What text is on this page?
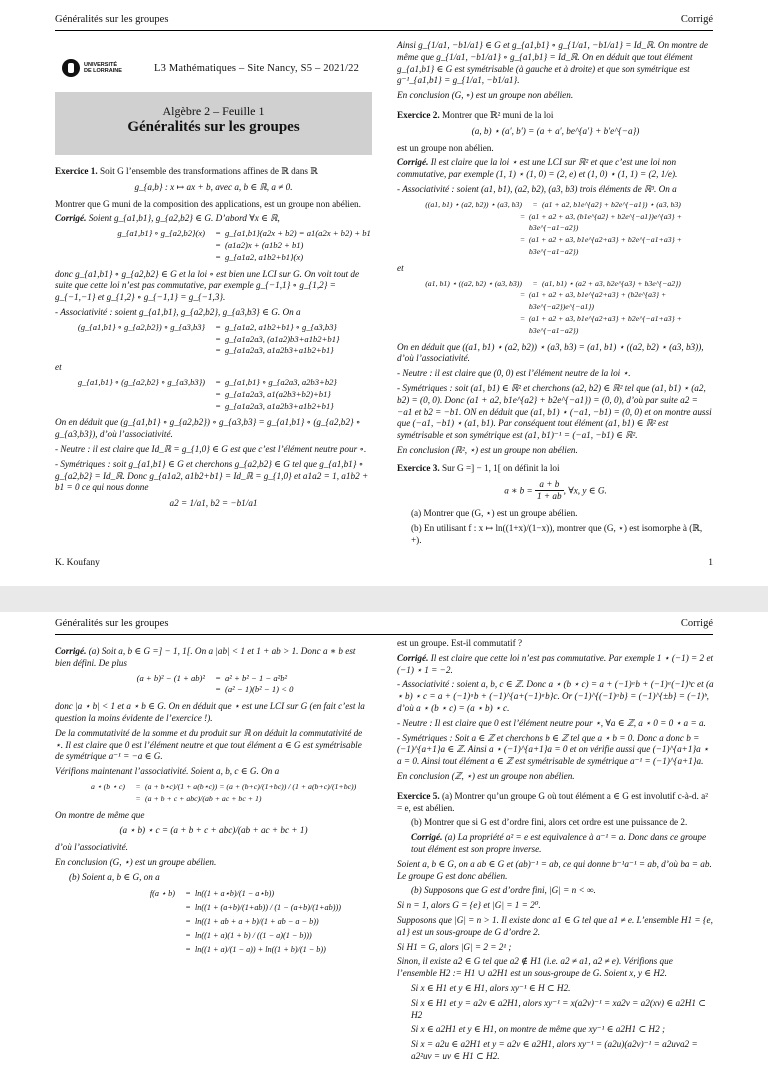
Généralités sur les groupes	Corrigé
UNIVERSITÉ DE LORRAINE	L3 Mathématiques – Site Nancy, S5 – 2021/22
Algèbre 2 – Feuille 1
Généralités sur les groupes

Exercice 1. Soit G l’ensemble des transformations affines de ℝ dans ℝ

g_{a,b} : x ↦ ax + b, avec a, b ∈ ℝ, a ≠ 0.

Montrer que G muni de la composition des applications, est un groupe non abélien.

Corrigé. Soient g_{a1,b1}, g_{a2,b2} ∈ G. D’abord ∀x ∈ ℝ,

g_{a1,b1} ∘ g_{a2,b2}(x)	= g_{a1,b1}(a2x + b2) = a1(a2x + b2) + b1
= (a1a2)x + (a1b2 + b1)
= g_{a1a2, a1b2+b1}(x)

donc g_{a1,b1} ∘ g_{a2,b2} ∈ G et la loi ∘ est bien une LCI sur G. On voit tout de suite que cette loi n’est pas commutative, par exemple g_{−1,1} ∘ g_{1,2} = g_{−1,−1} et g_{1,2} ∘ g_{−1,1} = g_{−1,3}.

- Associativité : soient g_{a1,b1}, g_{a2,b2}, g_{a3,b3} ∈ G. On a

(g_{a1,b1} ∘ g_{a2,b2}) ∘ g_{a3,b3}	= g_{a1a2, a1b2+b1} ∘ g_{a3,b3}
= g_{a1a2a3, (a1a2)b3+a1b2+b1}
= g_{a1a2a3, a1a2b3+a1b2+b1}

et

g_{a1,b1} ∘ (g_{a2,b2} ∘ g_{a3,b3})	= g_{a1,b1} ∘ g_{a2a3, a2b3+b2}
= g_{a1a2a3, a1(a2b3+b2)+b1}
= g_{a1a2a3, a1a2b3+a1b2+b1}

On en déduit que (g_{a1,b1} ∘ g_{a2,b2}) ∘ g_{a3,b3} = g_{a1,b1} ∘ (g_{a2,b2} ∘ g_{a3,b3}), d’où l’associativité.

- Neutre : il est claire que Id_ℝ = g_{1,0} ∈ G est que c’est l’élément neutre pour ∘.

- Symétriques : soit g_{a1,b1} ∈ G et cherchons g_{a2,b2} ∈ G tel que g_{a1,b1} ∘ g_{a2,b2} = Id_ℝ. Donc g_{a1a2, a1b2+b1} = Id_ℝ = g_{1,0} et a1a2 = 1, a1b2 + b1 = 0 ce qui nous donne

a2 = 1/a1, b2 = −b1/a1

Ainsi g_{1/a1, −b1/a1} ∈ G et g_{a1,b1} ∘ g_{1/a1, −b1/a1} = Id_ℝ. On montre de même que g_{1/a1, −b1/a1} ∘ g_{a1,b1} = Id_ℝ. On en déduit que tout élément g_{a1,b1} ∈ G est symétrisable (à gauche et à droite) et que son symétrique est g⁻¹_{a1,b1} = g_{1/a1, −b1/a1}.

En conclusion (G, ∘) est un groupe non abélien.

Exercice 2. Montrer que ℝ² muni de la loi

(a, b) ⋆ (a′, b′) = (a + a′, be^{a′} + b′e^{−a})

est un groupe non abélien.

Corrigé. Il est claire que la loi ⋆ est une LCI sur ℝ² et que c’est une loi non commutative, par exemple (1, 1) ⋆ (1, 0) = (2, e) et (1, 0) ⋆ (1, 1) = (2, 1/e).

- Associativité : soient (a1, b1), (a2, b2), (a3, b3) trois éléments de ℝ³. On a

((a1, b1) ⋆ (a2, b2)) ⋆ (a3, b3)	= (a1 + a2, b1e^{a2} + b2e^{−a1}) ⋆ (a3, b3)
= (a1 + a2 + a3, (b1e^{a2} + b2e^{−a1})e^{a3} + b3e^{−a1−a2})
= (a1 + a2 + a3, b1e^{a2+a3} + b2e^{−a1+a3} + b3e^{−a1−a2})

et

(a1, b1) ⋆ ((a2, b2) ⋆ (a3, b3))	= (a1, b1) ⋆ (a2 + a3, b2e^{a3} + b3e^{−a2})
= (a1 + a2 + a3, b1e^{a2+a3} + (b2e^{a3} + b3e^{−a2})e^{−a1})
= (a1 + a2 + a3, b1e^{a2+a3} + b2e^{−a1+a3} + b3e^{−a1−a2})

On en déduit que ((a1, b1) ⋆ (a2, b2)) ⋆ (a3, b3) = (a1, b1) ⋆ ((a2, b2) ⋆ (a3, b3)), d’où l’associativité.

- Neutre : il est claire que (0, 0) est l’élément neutre de la loi ⋆.

- Symétriques : soit (a1, b1) ∈ ℝ² et cherchons (a2, b2) ∈ ℝ² tel que (a1, b1) ⋆ (a2, b2) = (0, 0). Donc (a1 + a2, b1e^{a2} + b2e^{−a1}) = (0, 0), d’où par suite a2 = −a1 et b2 = −b1. ON en déduit que (a1, b1) ⋆ (−a1, −b1) = (0, 0) et on montre aussi que (−a1, −b1) ⋆ (a1, b1). Par conséquent tout élément (a1, b1) ∈ ℝ² est symétrisable et son symétrique est (a1, b1)⁻¹ = (−a1, −b1) ∈ ℝ².

En conclusion (ℝ², ⋆) est un groupe non abélien.

Exercice 3. Sur G =] − 1, 1[ on définit la loi

a ∗ $b = \frac{a + b}{1 + ab}$ , ∀x, y ∈ G.

(a) Montrer que (G, ⋆) est un groupe abélien.

(b) En utilisant f : x ↦ ln((1+x)/(1−x)), montrer que (G, ⋆) est isomorphe à (ℝ, +).

K. Koufany	1
Généralités sur les groupes	Corrigé

Corrigé. (a) Soit a, b ∈ G =] − 1, 1[. On a |ab| < 1 et 1 + ab > 1. Donc a ∗ b est bien défini. De plus

(a + b)² − (1 + ab)²	= a² + b² − 1 − a²b²
= (a² − 1)(b² − 1) < 0

donc |a ⋆ b| < 1 et a ⋆ b ∈ G. On en déduit que ⋆ est une LCI sur G (en fait c’est la question la moins évidente de l’exercice !).

De la commutativité de la somme et du produit sur ℝ on déduit la commutativité de ⋆. Il est claire que 0 est l’élément neutre et que tout élément a ∈ G est symétrisable de symétrique a⁻¹ = −a ∈ G.

Vérifions maintenant l’associativité. Soient a, b, c ∈ G. On a

a ⋆ (b ⋆ c)	= (a + b⋆c)/(1 + a(b⋆c)) = (a + (b+c)/(1+bc)) / (1 + a(b+c)/(1+bc))
= (a + b + c + abc)/(ab + ac + bc + 1)

On montre de même que

(a ⋆ b) ⋆ c = (a + b + c + abc)/(ab + ac + bc + 1)

d’où l’associativité.

En conclusion (G, ⋆) est un groupe abélien.

(b) Soient a, b ∈ G, on a

f(a ⋆ b)	= ln((1 + a⋆b)/(1 − a⋆b))
= ln((1 + (a+b)/(1+ab)) / (1 − (a+b)/(1+ab)))
= ln((1 + ab + a + b)/(1 + ab − a − b))
= ln((1 + a)(1 + b) / ((1 − a)(1 − b)))
= ln((1 + a)/(1 − a)) + ln((1 + b)/(1 − b))

est un groupe. Est-il commutatif ?

Corrigé. Il est claire que cette loi n’est pas commutative. Par exemple 1 ⋆ (−1) = 2 et (−1) ⋆ 1 = −2.

- Associativité : soient a, b, c ∈ ℤ. Donc a ⋆ (b ⋆ c) = a + (−1)ᵃb + (−1)ᵃ(−1)ᵇc et (a ⋆ b) ⋆ c = a + (−1)ᵃb + (−1)^{a+(−1)ᵃb}c. Or (−1)^{(−1)ᵃb} = (−1)^{±b} = (−1)ᵇ, d’où a ⋆ (b ⋆ c) = (a ⋆ b) ⋆ c.

- Neutre : Il est claire que 0 est l’élément neutre pour ⋆, ∀a ∈ ℤ, a ⋆ 0 = 0 ⋆ a = a.

- Symétriques : Soit a ∈ ℤ et cherchons b ∈ ℤ tel que a ⋆ b = 0. Donc a donc b = (−1)^{a+1}a ∈ ℤ. Ainsi a ⋆ (−1)^{a+1}a = 0 et on vérifie aussi que (−1)^{a+1}a ⋆ a = 0. Ainsi tout élément a ∈ ℤ est symétrisable de symétrique a⁻¹ = (−1)^{a+1}a.

En conclusion (ℤ, ⋆) est un groupe non abélien.

Exercice 5. (a) Montrer qu’un groupe G où tout élément a ∈ G est involutif c-à-d. a² = e, est abélien.

(b) Montrer que si G est d’ordre fini, alors cet ordre est une puissance de 2.

Corrigé. (a) La propriété a² = e est equivalence à a⁻¹ = a. Donc dans ce groupe tout élément est son propre inverse.

Soient a, b ∈ G, on a ab ∈ G et (ab)⁻¹ = ab, ce qui donne b⁻¹a⁻¹ = ab, d’où ba = ab. Le groupe G est donc abélien.

(b) Supposons que G est d’ordre fini, |G| = n < ∞.

Si n = 1, alors G = {e} et |G| = 1 = 2⁰.

Supposons que |G| = n > 1. Il existe donc a1 ∈ G tel que a1 ≠ e. L’ensemble H1 = {e, a1} est un sous-groupe de G d’ordre 2.

Si H1 = G, alors |G| = 2 = 2¹ ;

Sinon, il existe a2 ∈ G tel que a2 ∉ H1 (i.e. a2 ≠ a1, a2 ≠ e). Vérifions que l’ensemble H2 := H1 ∪ a2H1 est un sous-groupe de G. Soient x, y ∈ H2.

Si x ∈ H1 et y ∈ H1, alors xy⁻¹ ∈ H ⊂ H2.

Si x ∈ H1 et y = a2v ∈ a2H1, alors xy⁻¹ = x(a2v)⁻¹ = xa2v = a2(xv) ∈ a2H1 ⊂ H2

Si x ∈ a2H1 et y ∈ H1, on montre de même que xy⁻¹ ∈ a2H1 ⊂ H2 ;

Si x = a2u ∈ a2H1 et y = a2v ∈ a2H1, alors xy⁻¹ = (a2u)(a2v)⁻¹ = a2uva2 = a2²uv = uv ∈ H1 ⊂ H2.
